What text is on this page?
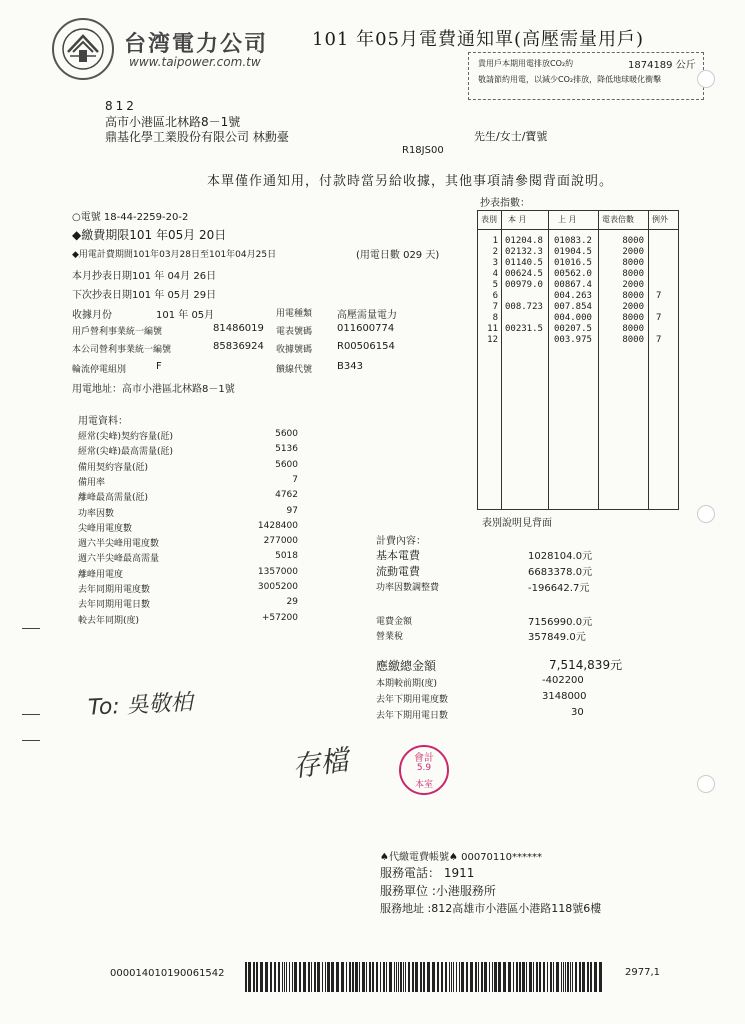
台湾電力公司
www.taipower.com.tw
101 年05月電費通知單(高壓需量用戶)
貴用戶本期用電排放CO₂約	1874189 公斤
敬請節約用電，以減少CO₂排放，降低地球暖化衝擊
812
高市小港區北林路8－1號
鼎基化學工業股份有限公司 林勳臺	先生/女士/寶號
R18JS00
本單僅作通知用，付款時當另給收據，其他事項請參閱背面說明。
○電號 18-44-2259-20-2
◆繳費期限101 年05月 20日
◆用電計費期間101年03月28日至101年04月25日	(用電日數 029 天)
本月抄表日期101 年 04月 26日
下次抄表日期101 年 05月 29日
收據月份	101 年 05月	用電種類 高壓需量電力
用戶營利事業統一編號	81486019 電表號碼 011600774
本公司營利事業統一編號	85836924 收據號碼 R00506154
輪流停電組別	F	饋線代號 B343
用電地址：高市小港區北林路8－1號
用電資料：
經常(尖峰)契約容量(瓩)	5600
經常(尖峰)最高需量(瓩)	5136
備用契約容量(瓩)	5600
備用率	7
離峰最高需量(瓩)	4762
功率因數	97
尖峰用電度數	1428400
週六半尖峰用電度數	277000
週六半尖峰最高需量	5018
離峰用電度	1357000
去年同期用電度數	3005200
去年同期用電日數	29
較去年同期(度)	+57200
抄表指數：
表別 本 月	上 月	電表倍數 例外
1 01204.8 01083.2	8000
2 02132.3 01904.5	2000
3 01140.5 01016.5	8000
4 00624.5 00562.0	8000
5 00979.0 00867.4	2000
6	004.263	8000 7
7 008.723 007.854	2000
8	004.000	8000 7
11 00231.5 00207.5	8000
12	003.975	8000 7
表別說明見背面
計費內容：
基本電費	1028104.0元
流動電費	6683378.0元
功率因數調整費	-196642.7元
電費金額	7156990.0元
營業稅	357849.0元
應繳總金額	7,514,839元
本期較前期(度)	-402200
去年下期用電度數	3148000
去年下期用電日數	30
To: 吳敬柏
存檔	會計
5.9
本室
♠代繳電費帳號♠ 00070110******
服務電話： 1911
服務單位 :小港服務所
服務地址 :812高雄市小港區小港路118號6樓
000014010190061542	2977,1
